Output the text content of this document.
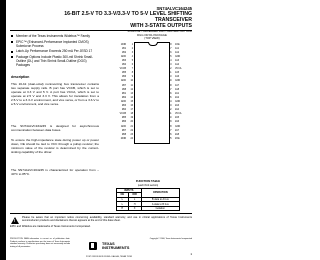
SN74ALVC164245
16-BIT 2.5-V TO 3.3-V/3.3-V TO 5-V LEVEL SHIFTING TRANSCEIVER
WITH 3-STATE OUTPUTS
SCAS473E – DECEMBER 1995 – REVISED JULY 2000
Member of the Texas Instruments Widebus™ Family
EPIC™ (Enhanced-Performance Implanted CMOS) Submicron Process
Latch-Up Performance Exceeds 250 mA Per JESD 17
Package Options Include Plastic 300-mil Shrink Small-Outline (DL) and Thin Shrink Small-Outline (DGG) Packages
description
This 16-bit (dual-octal) noninverting bus transceiver contains two separate supply rails. B port has VCCB, which is set to operate at 3.3 V and 5 V. A port has VCCA, which is set to operate at 2.5 V and 3.3 V. This allows for translation from a 2.5-V to a 3.3-V environment, and vice versa, or from a 3.3-V to a 5-V environment, and vice versa.
The SN74ALVC164245 is designed for asynchronous communication between data buses.
To ensure the high-impedance state during power up or power down, OE should be tied to VCC through a pullup resistor; the minimum value of the resistor is determined by the current-sinking capability of the driver.
The SN74ALVC164245 is characterized for operation from –40°C to 85°C.
DGG OR DL PACKAGE
(TOP VIEW)
1DIR	1	48	1OE
1B1	2	47	1A1
1B2	3	46	1A2
GND	4	45	GND
1B3	5	44	1A3
1B4	6	43	1A4
VCCB	7	42	VCCA
1B5	8	41	1A5
1B6	9	40	1A6
GND	10	39	GND
1B7	11	38	1A7
1B8	12	37	1A8
2B1	13	36	2A1
2B2	14	35	2A2
GND	15	34	GND
2B3	16	33	2A3
2B4	17	32	2A4
VCCB	18	31	VCCA
2B5	19	30	2A5
2B6	20	29	2A6
GND	21	28	GND
2B7	22	27	2A7
2B8	23	26	2A8
2DIR	24	25	2OE
FUNCTION TABLE
(each 8-bit section)
INPUTS		OPERATION
OE	DIR	
L	L	B data to A bus
L	H	A data to B bus
H	X	Isolation
!
Please be aware that an important notice concerning availability, standard warranty, and use in critical applications of Texas Instruments semiconductor products and disclaimers thereto appears at the end of this data sheet.
EPIC and Widebus are trademarks of Texas Instruments Incorporated.
PRODUCTION DATA information is current as of publication date. Products conform to specifications per the terms of Texas Instruments standard warranty. Production processing does not necessarily include testing of all parameters.
TEXAS
INSTRUMENTS
POST OFFICE BOX 655303 • DALLAS, TEXAS 75265
Copyright © 2000, Texas Instruments Incorporated
1
